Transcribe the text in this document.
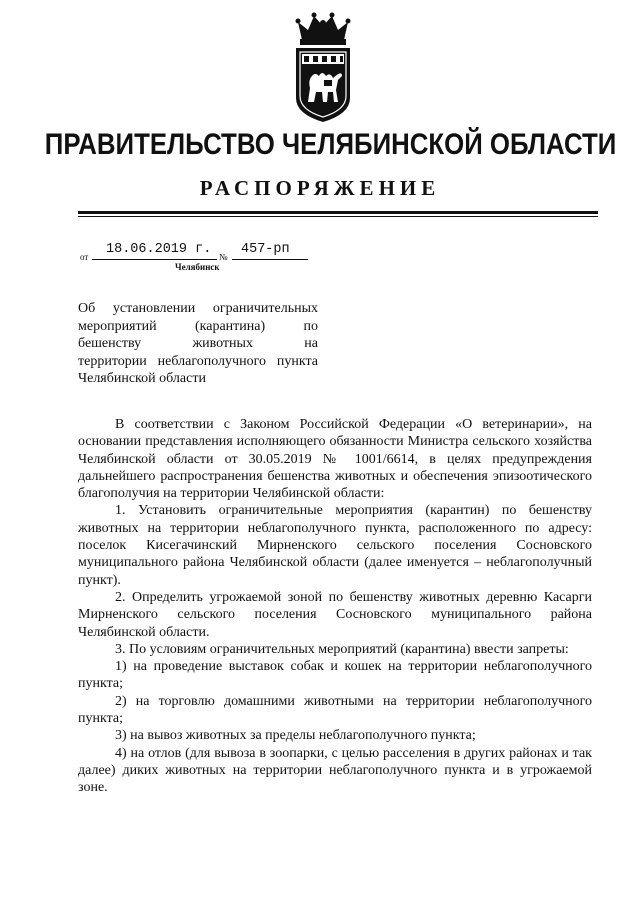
ПРАВИТЕЛЬСТВО ЧЕЛЯБИНСКОЙ ОБЛАСТИ
РАСПОРЯЖЕНИЕ
от 18.06.2019 г. № 457-рп
Челябинск
Об установлении ограничительных
мероприятий (карантина) по
бешенству животных на
территории неблагополучного пункта
Челябинской области

В соответствии с Законом Российской Федерации «О ветеринарии», на основании представления исполняющего обязанности Министра сельского хозяйства Челябинской области от 30.05.2019 № 1001/6614, в целях предупреждения дальнейшего распространения бешенства животных и обеспечения эпизоотического благополучия на территории Челябинской области:

1. Установить ограничительные мероприятия (карантин) по бешенству животных на территории неблагополучного пункта, расположенного по адресу: поселок Кисегачинский Мирненского сельского поселения Сосновского муниципального района Челябинской области (далее именуется – неблагополучный пункт).

2. Определить угрожаемой зоной по бешенству животных деревню Касарги Мирненского сельского поселения Сосновского муниципального района Челябинской области.

3. По условиям ограничительных мероприятий (карантина) ввести запреты:

1) на проведение выставок собак и кошек на территории неблагополучного пункта;

2) на торговлю домашними животными на территории неблагополучного пункта;

3) на вывоз животных за пределы неблагополучного пункта;

4) на отлов (для вывоза в зоопарки, с целью расселения в других районах и так далее) диких животных на территории неблагополучного пункта и в угрожаемой зоне.
